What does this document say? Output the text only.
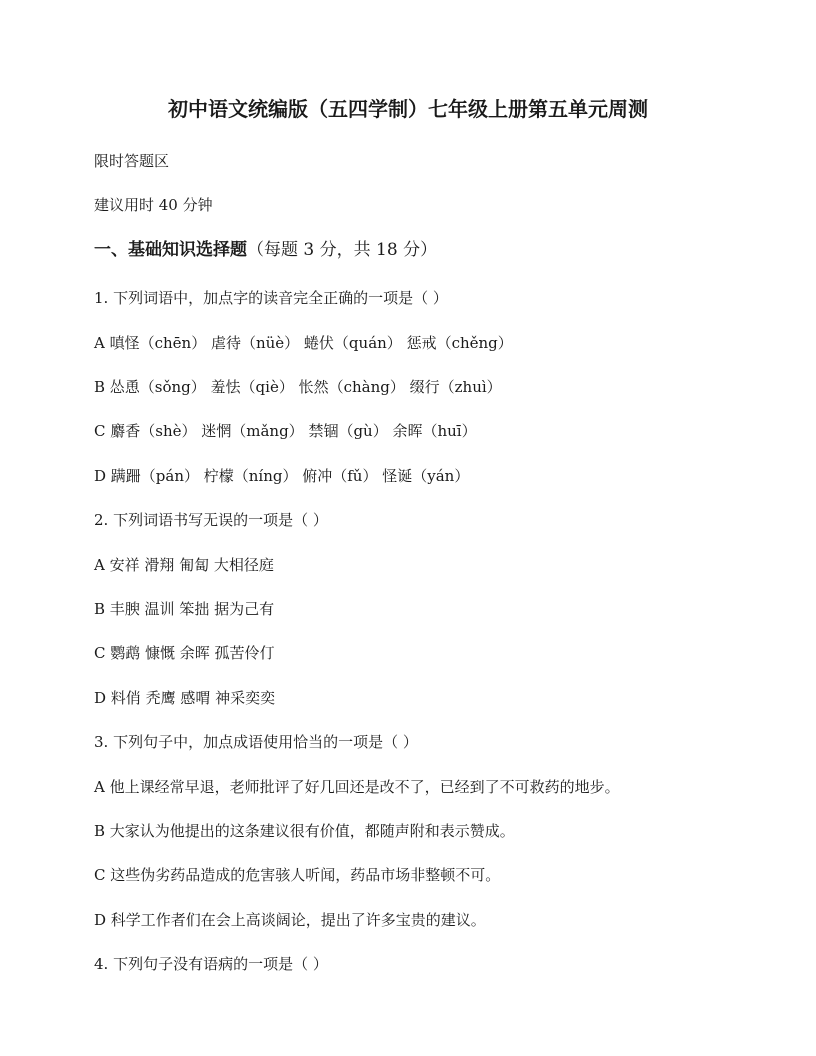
初中语文统编版（五四学制）七年级上册第五单元周测
限时答题区
建议用时 40 分钟
一、基础知识选择题（每题 3 分，共 18 分）
1. 下列词语中，加点字的读音完全正确的一项是（ ）
A 嗔怪（chēn） 虐待（nüè） 蜷伏（quán） 惩戒（chěng）
B 怂恿（sǒng） 羞怯（qiè） 怅然（chàng） 缀行（zhuì）
C 麝香（shè） 迷惘（mǎng） 禁锢（gù） 余晖（huī）
D 蹒跚（pán） 柠檬（níng） 俯冲（fǔ） 怪诞（yán）
2. 下列词语书写无误的一项是（ ）
A 安祥 滑翔 匍匐 大相径庭
B 丰腴 温训 笨拙 据为己有
C 鹦鹉 慷慨 余晖 孤苦伶仃
D 料俏 秃鹰 感喟 神采奕奕
3. 下列句子中，加点成语使用恰当的一项是（ ）
A 他上课经常早退，老师批评了好几回还是改不了，已经到了不可救药的地步。
B 大家认为他提出的这条建议很有价值，都随声附和表示赞成。
C 这些伪劣药品造成的危害骇人听闻，药品市场非整顿不可。
D 科学工作者们在会上高谈阔论，提出了许多宝贵的建议。
4. 下列句子没有语病的一项是（ ）
